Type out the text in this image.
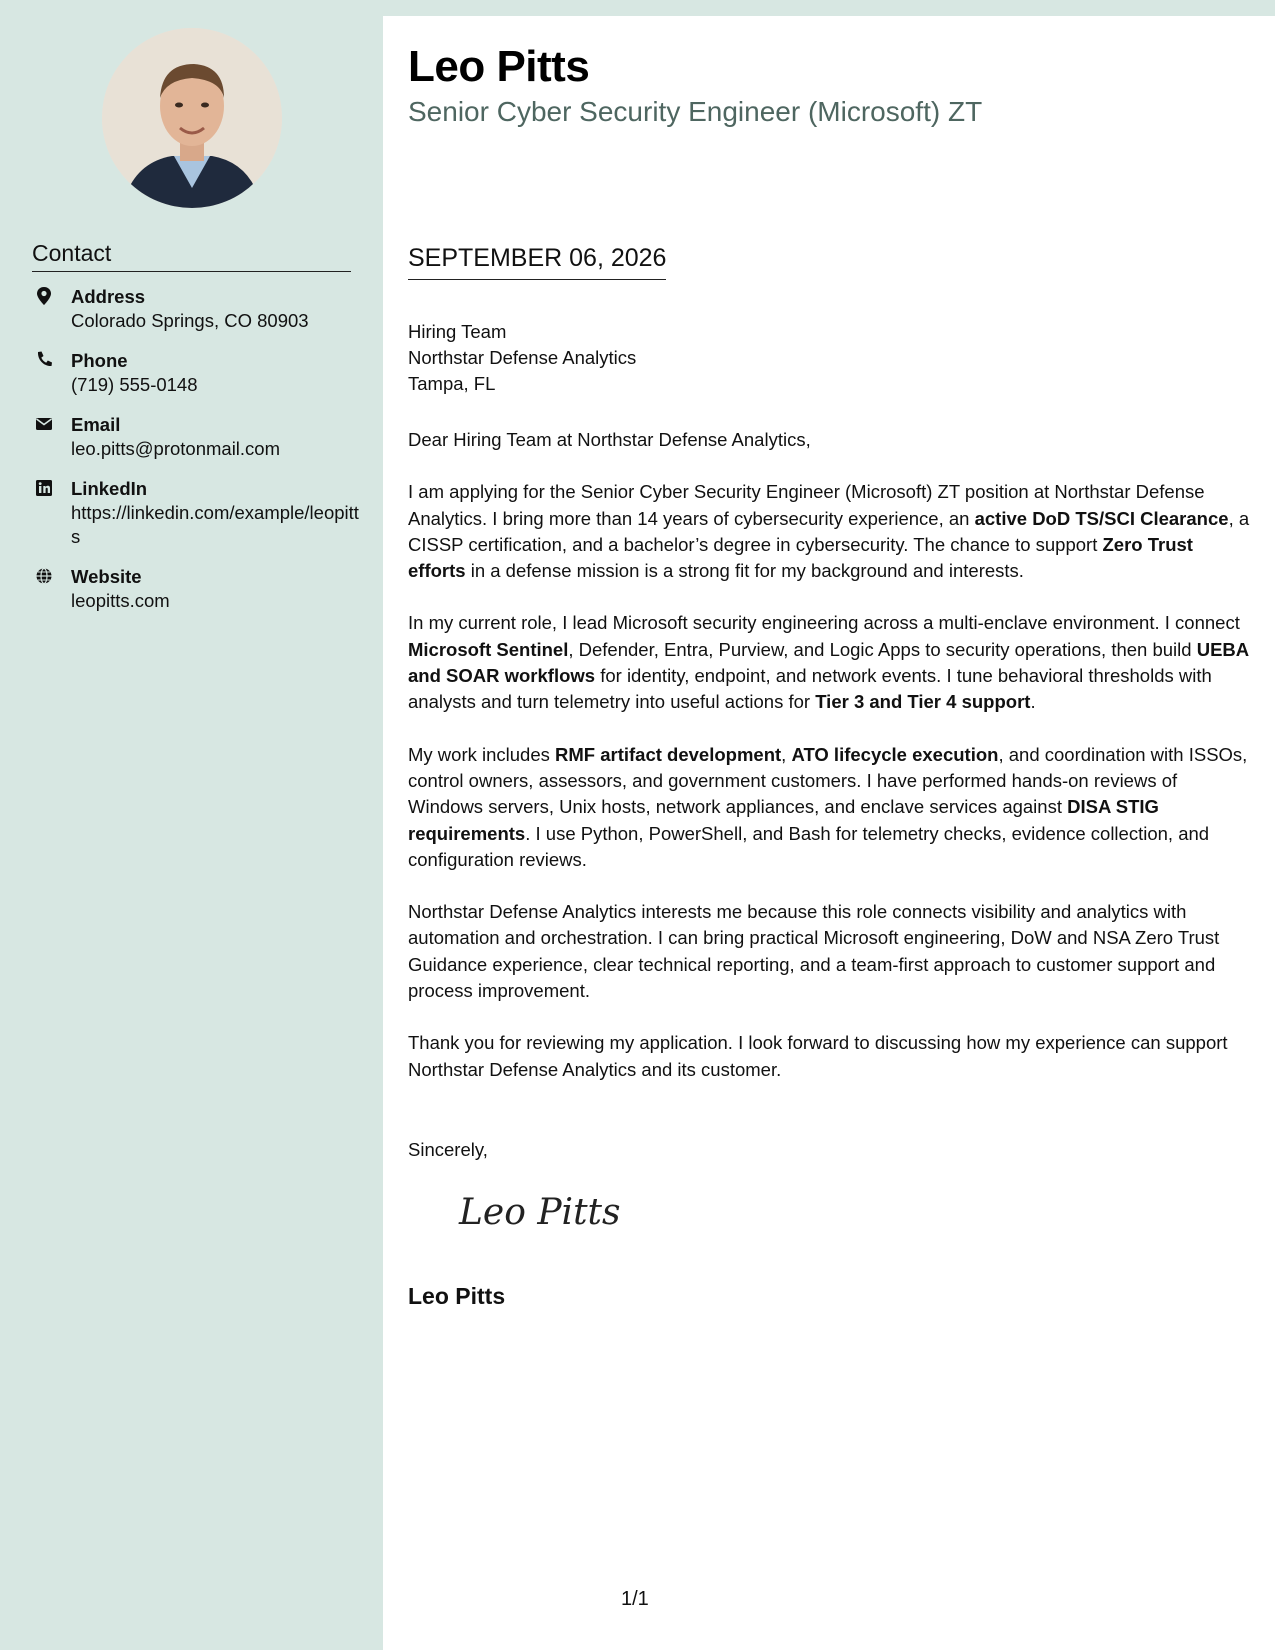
Contact
Address
Colorado Springs, CO 80903
Phone
(719) 555-0148
Email
leo.pitts@protonmail.com
LinkedIn
https://linkedin.com/example/leopitts
Website
leopitts.com
Leo Pitts
Senior Cyber Security Engineer (Microsoft) ZT
SEPTEMBER 06, 2026
Hiring Team
Northstar Defense Analytics
Tampa, FL

Dear Hiring Team at Northstar Defense Analytics,

I am applying for the Senior Cyber Security Engineer (Microsoft) ZT position at Northstar Defense Analytics. I bring more than 14 years of cybersecurity experience, an active DoD TS/SCI Clearance, a CISSP certification, and a bachelor’s degree in cybersecurity. The chance to support Zero Trust efforts in a defense mission is a strong fit for my background and interests.

In my current role, I lead Microsoft security engineering across a multi-enclave environment. I connect Microsoft Sentinel, Defender, Entra, Purview, and Logic Apps to security operations, then build UEBA and SOAR workflows for identity, endpoint, and network events. I tune behavioral thresholds with analysts and turn telemetry into useful actions for Tier 3 and Tier 4 support.

My work includes RMF artifact development, ATO lifecycle execution, and coordination with ISSOs, control owners, assessors, and government customers. I have performed hands-on reviews of Windows servers, Unix hosts, network appliances, and enclave services against DISA STIG requirements. I use Python, PowerShell, and Bash for telemetry checks, evidence collection, and configuration reviews.

Northstar Defense Analytics interests me because this role connects visibility and analytics with automation and orchestration. I can bring practical Microsoft engineering, DoW and NSA Zero Trust Guidance experience, clear technical reporting, and a team-first approach to customer support and process improvement.

Thank you for reviewing my application. I look forward to discussing how my experience can support Northstar Defense Analytics and its customer.

Sincerely,
Leo Pitts
Leo Pitts
1/1
